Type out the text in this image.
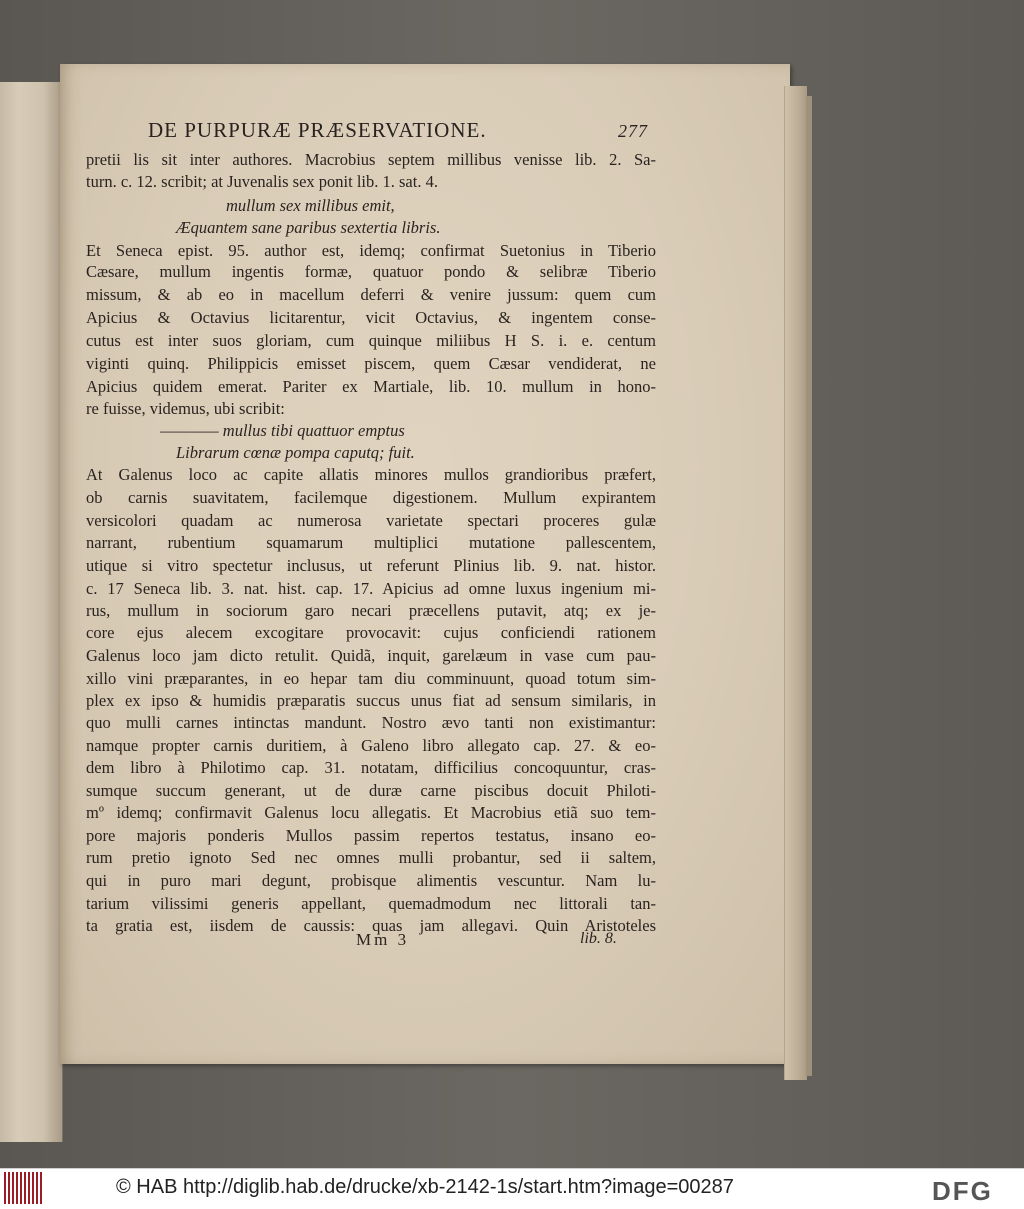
DE PURPURÆ PRÆSERVATIONE.	277
pretii lis sit inter authores. Macrobius septem millibus venisse lib. 2. Sa-
turn. c. 12. scribit; at Juvenalis sex ponit lib. 1. sat. 4.
mullum sex millibus emit,
Æquantem sane paribus sextertia libris.
Et Seneca epist. 95. author est, idemq; confirmat Suetonius in Tiberio
Cæsare, mullum ingentis formæ, quatuor pondo & selibræ Tiberio
missum, & ab eo in macellum deferri & venire jussum: quem cum
Apicius & Octavius licitarentur, vicit Octavius, & ingentem conse-
cutus est inter suos gloriam, cum quinque miliibus H S. i. e. centum
viginti quinq. Philippicis emisset piscem, quem Cæsar vendiderat, ne
Apicius quidem emerat. Pariter ex Martiale, lib. 10. mullum in hono-
re fuisse, videmus, ubi scribit:
———— mullus tibi quattuor emptus
Librarum cœnæ pompa caputq; fuit.
At Galenus loco ac capite allatis minores mullos grandioribus præfert,
ob carnis suavitatem, facilemque digestionem. Mullum expirantem
versicolori quadam ac numerosa varietate spectari proceres gulæ
narrant, rubentium squamarum multiplici mutatione pallescentem,
utique si vitro spectetur inclusus, ut referunt Plinius lib. 9. nat. histor.
c. 17 Seneca lib. 3. nat. hist. cap. 17. Apicius ad omne luxus ingenium mi-
rus, mullum in sociorum garo necari præcellens putavit, atq; ex je-
core ejus alecem excogitare provocavit: cujus conficiendi rationem
Galenus loco jam dicto retulit. Quidã, inquit, garelæum in vase cum pau-
xillo vini præparantes, in eo hepar tam diu comminuunt, quoad totum sim-
plex ex ipso & humidis præparatis succus unus fiat ad sensum similaris, in
quo mulli carnes intinctas mandunt. Nostro ævo tanti non existimantur:
namque propter carnis duritiem, à Galeno libro allegato cap. 27. & eo-
dem libro à Philotimo cap. 31. notatam, difficilius concoquuntur, cras-
sumque succum generant, ut de duræ carne piscibus docuit Philoti-
mº idemq; confirmavit Galenus locu allegatis. Et Macrobius etiã suo tem-
pore majoris ponderis Mullos passim repertos testatus, insano eo-
rum pretio ignoto Sed nec omnes mulli probantur, sed ii saltem,
qui in puro mari degunt, probisque alimentis vescuntur. Nam lu-
tarium vilissimi generis appellant, quemadmodum nec littorali tan-
ta gratia est, iisdem de caussis: quas jam allegavi. Quin Aristoteles
Mm 3	lib. 8.
© HAB http://diglib.hab.de/drucke/xb-2142-1s/start.htm?image=00287	DFG
